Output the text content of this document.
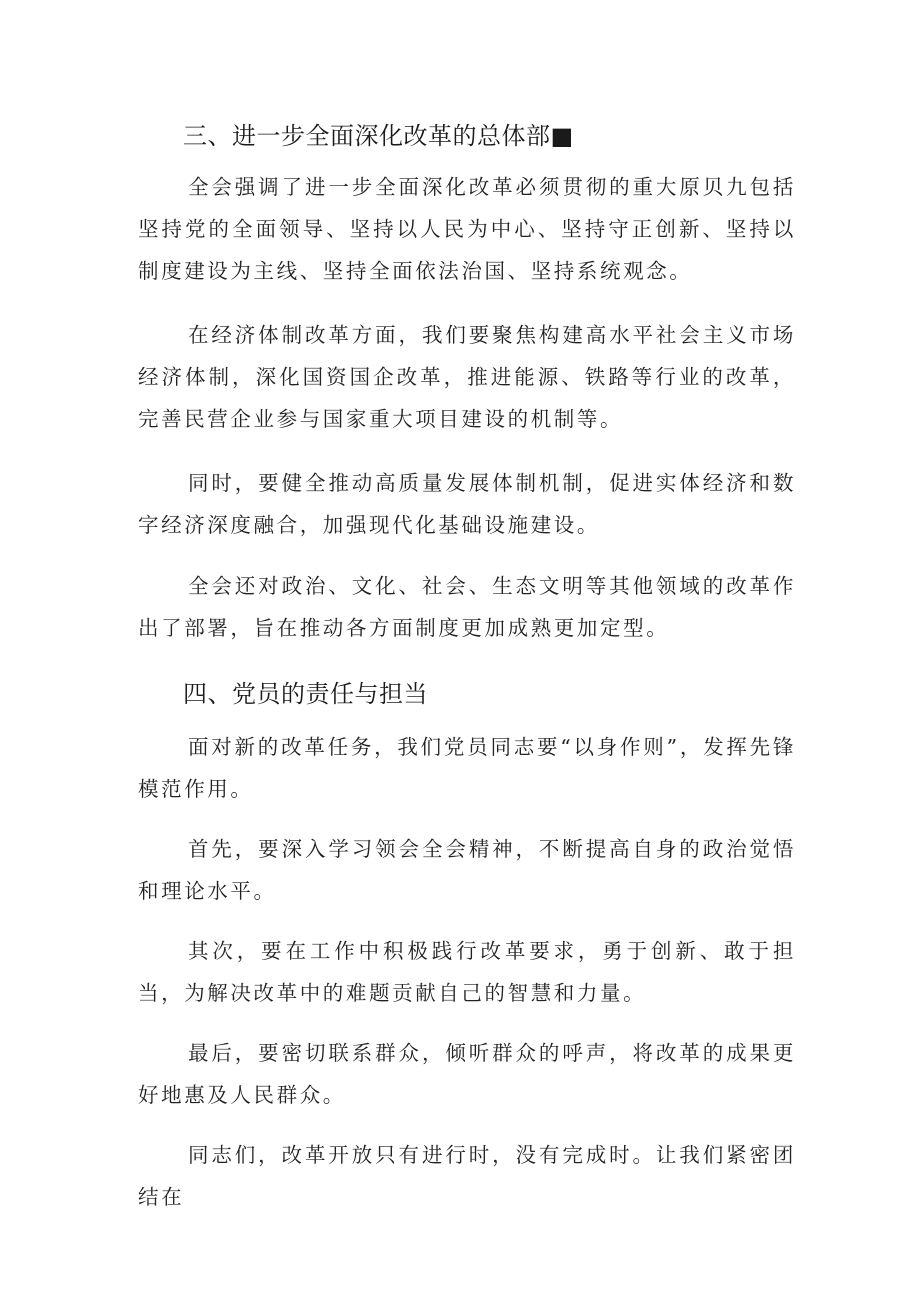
三、进一步全面深化改革的总体部■

全会强调了进一步全面深化改革必须贯彻的重大原贝九包括坚持党的全面领导、坚持以人民为中心、坚持守正创新、坚持以制度建设为主线、坚持全面依法治国、坚持系统观念。

在经济体制改革方面，我们要聚焦构建高水平社会主义市场经济体制，深化国资国企改革，推进能源、铁路等行业的改革，完善民营企业参与国家重大项目建设的机制等。

同时，要健全推动高质量发展体制机制，促进实体经济和数字经济深度融合，加强现代化基础设施建设。

全会还对政治、文化、社会、生态文明等其他领域的改革作出了部署，旨在推动各方面制度更加成熟更加定型。

四、党员的责任与担当

面对新的改革任务，我们党员同志要“以身作则”，发挥先锋模范作用。

首先，要深入学习领会全会精神，不断提高自身的政治觉悟和理论水平。

其次，要在工作中积极践行改革要求，勇于创新、敢于担当，为解决改革中的难题贡献自己的智慧和力量。

最后，要密切联系群众，倾听群众的呼声，将改革的成果更好地惠及人民群众。

同志们，改革开放只有进行时，没有完成时。让我们紧密团结在
